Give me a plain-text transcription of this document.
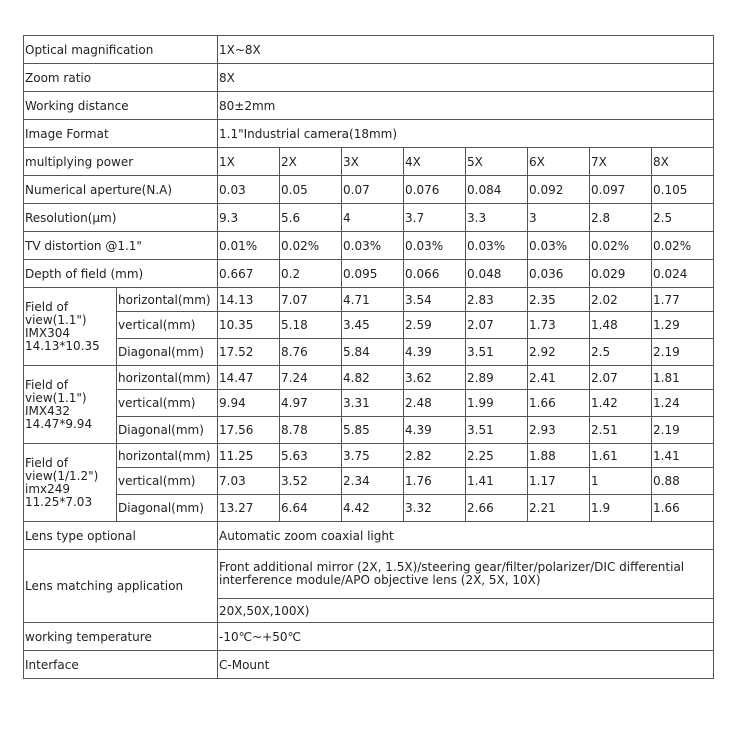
Optical magnification		1X~8X							
Zoom ratio		8X							
Working distance		80±2mm							
Image Format		1.1"Industrial camera(18mm)							
multiplying power		1X	2X	3X	4X	5X	6X	7X	8X
Numerical aperture(N.A)		0.03	0.05	0.07	0.076	0.084	0.092	0.097	0.105
Resolution(μm)		9.3	5.6	4	3.7	3.3	3	2.8	2.5
TV distortion @1.1"		0.01%	0.02%	0.03%	0.03%	0.03%	0.03%	0.02%	0.02%
Depth of field (mm)		0.667	0.2	0.095	0.066	0.048	0.036	0.029	0.024
Field of view(1.1") IMX304 14.13*10.35	horizontal(mm)	14.13	7.07	4.71	3.54	2.83	2.35	2.02	1.77
	vertical(mm)	10.35	5.18	3.45	2.59	2.07	1.73	1.48	1.29
	Diagonal(mm)	17.52	8.76	5.84	4.39	3.51	2.92	2.5	2.19
Field of view(1.1") IMX432 14.47*9.94	horizontal(mm)	14.47	7.24	4.82	3.62	2.89	2.41	2.07	1.81
	vertical(mm)	9.94	4.97	3.31	2.48	1.99	1.66	1.42	1.24
	Diagonal(mm)	17.56	8.78	5.85	4.39	3.51	2.93	2.51	2.19
Field of view(1/1.2") imx249 11.25*7.03	horizontal(mm)	11.25	5.63	3.75	2.82	2.25	1.88	1.61	1.41
	vertical(mm)	7.03	3.52	2.34	1.76	1.41	1.17	1	0.88
	Diagonal(mm)	13.27	6.64	4.42	3.32	2.66	2.21	1.9	1.66
Lens type optional		Automatic zoom coaxial light							
Lens matching application		Front additional mirror (2X, 1.5X)/steering gear/filter/polarizer/DIC differential interference module/APO objective lens (2X, 5X, 10X)							
		20X,50X,100X)							
working temperature		-10℃~+50℃							
Interface		C-Mount							
